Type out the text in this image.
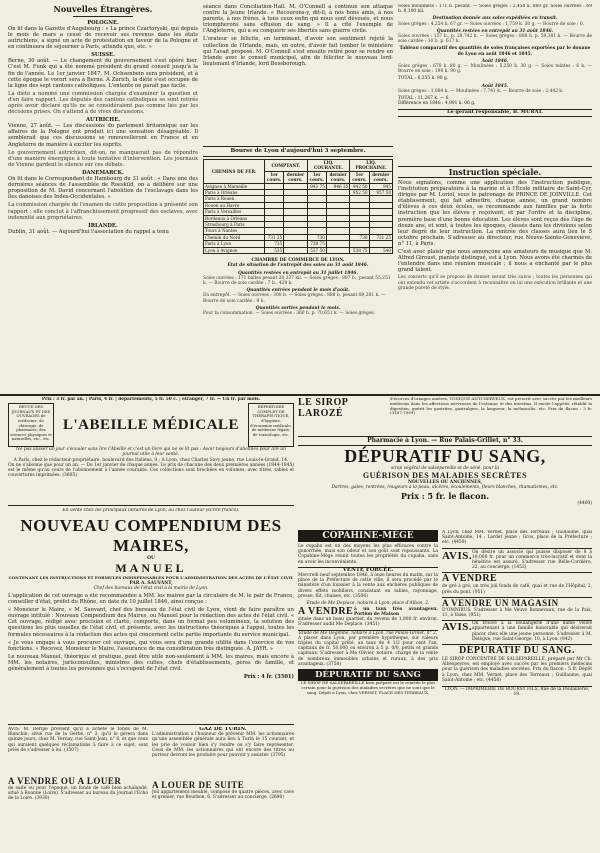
Nouvelles Étrangères.
POLOGNE.

On lit dans la Gazette d'Augsbourg : « La prince Czartoryski, qui depuis le mois de mars a cessé de recevoir ses revenus dans les états autrichiens, a signé un acte de protestation en faveur de la Pologne et en continuera de séjourner à Paris, attendu que, etc. »

SUISSE.

Berne, 30 août. — Le changement du gouvernement s'est opéré hier. C'est M. Funk qui a été nommé président du grand conseil jusqu'à la fin de l'année. Le 1er janvier 1847, M. Ochsenbein sera président, et à cette époque le vorort sera à Berne. A Zurich, la diète s'est occupée de la ligne des sept cantons catholiques. L'entente ne paraît pas facile.

La diète a nommé une commission chargée d'examiner la question et d'en faire rapport. Les députés des cantons catholiques se sont retirés après avoir déclaré qu'ils ne se considéraient pas comme liés par les décisions prises. On s'attend à de vives discussions.

AUTRICHE.

Vienne, 27 août. — Les discussions du parlement britannique sur les affaires de la Pologne ont produit ici une sensation désagréable. Il semblerait que ces discussions se renouvelleront en France et en Angleterre de manière à exciter les esprits.

Le gouvernement autrichien, dit-on, ne manquerait pas de répondre d'une manière énergique à toute tentative d'intervention. Les journaux de Vienne gardent le silence sur ces débats.

DANEMARCK.

On lit dans le Correspondant de Hambourg du 31 août : « Dans une des dernières séances de l'assemblée de Roeskild, on a délibéré sur une proposition de M. David concernant l'abolition de l'esclavage dans les îles danoises des Indes-Occidentales. »

La commission chargée de l'examen de cette proposition a présenté son rapport ; elle conclut à l'affranchissement progressif des esclaves, avec indemnité aux propriétaires.

IRLANDE.

Dublin, 31 août. — Aujourd'hui l'association du rappel a tenu

séance dans Conciliation-Hall. M. O'Connell a continué son attaque contre la Jeune Irlande. « Recourons-y, dit-il, à nos bons amis, à nos parents, à nos frères, à tous ceux enfin qui nous sont dévoués, et nous triompherons sans effusion de sang. » Il a cité l'exemple de l'Angleterre, qui a su conquérir ses libertés sans guerre civile.

L'orateur se félicite, en terminant, d'avoir son sentiment rejeté la collection de l'Irlande, mais, en outre, d'avoir fait tomber le ministère qui l'avait proposé. M. O'Connell s'est ensuite retiré pour se rendre en Irlande avec le conseil municipal, afin de féliciter le nouveau lord-lieutenant d'Irlande, lord Bessborough.

Bourse de Lyon d'aujourd'hui 3 septembre.
CHEMINS DE FER.	COMPTANT.		LIQ. COURANTE.		LIQ. PROCHAINE.	
	1er cours.	dernier cours.	1er cours.	dernier cours.	1er cours.	dernier cours.
Avignon à Marseille			943 75	946 25	942 50	945
Paris à Orléans					952 50	957 50
Paris à Rouen						
Rouen au Havre						
Paris à Versailles						
Bordeaux à Orléans						
Strasbourg à Paris						
Tours à Nantes						
Chemin du Nord	731 25		730		730	731 25
Paris à Lyon	735		738 75			
Lyon à Avignon	535		537 50		538 75	540
CHAMBRE DE COMMERCE DE LYON.
État de situation de l'entrepôt des soies au 31 août 1846.
Quantités restées en entrepôt au 31 juillet 1846.
Soies ouvrées : 171 balles pesant 28,337 kil. — Soies grèges : 887 b., pesant 55,251 k. — Bourre de soie cardée : 7 b., 429 k.
Quantités entrées pendant le mois d'août.
En entrepôt. — Soies ouvrées : 300 b. — Soies grèges : 888 b. pesant 89,281 k. — Bourre de soie cardée : 9 b.
Quantités sorties pendant le mois.
Pour la consommation. — Soies ouvrées : 360 b. p. 70,651 k. — Soies grèges.

Soies mouliness : 171 b. pesant. — Soies grèges : 2,458 k. 880 gr. Soies ouvrées : 69 b. 8,100 kil.

Destination donnée aux soies expédiées en transit.

Soies grèges : 4,254 k. 67 gr. — Soies ouvrées : 1,759 k. 30 g. — Bourre de soie : 0.

Quantités restées en entrepôt au 31 août 1846.

Soies ouvrées : 157 b., p. 28,742 k. — Soies grèges : 888 b. p. 59,381 k. — Bourre de soie cardée : 10 b. p. 617 k.

Tableau comparatif des quantités de soies françaises exportées par le douane de Lyon en août 1846 et 1845.
Août 1846.

Soies grèges : 678 k. 80 g. — Moulinées : 5,250 k. 30 g. — Soies teintes : 6 k. — Bourre en soie : 190 k. 90 g.

TOTAL : 6,255 k. 90 g.
Août 1845.

Soies grèges : 1,084 k. — Moulinées : 7,741 k. — Bourre de soie : 2,442 k.

TOTAL : 11,267 k. — 6.
Différence en 1846 : 4,991 k. 06 g.
Le gérant responsable, B. MURAT.
Instruction spéciale.

Nous signalons, comme une application des l'instruction publique, l'institution préparatoire à la marine et à l'École militaire de Saint-Cyr, dirigée par M. Loriol, sous le patronage de PRINCE DE JOINVILLE. Cet établissement, qui fait admettre, chaque année, un grand nombre d'élèves à ces deux écoles, se recommande aux familles par la forte instruction que les élèves y reçoivent, et par l'ordre et la discipline, première base d'une bonne éducation. Les élèves sont reçus dès l'âge de douze ans, et sont, à toutes les époques, classés dans les divisions selon leur degré de leur instruction. La rentrée des classes aura lieu le 5 octobre prochain. S'adresser au directeur, rue Neuve-Sainte-Geneviève, n° 11, à Paris.

C'est avec plaisir que nous annonçons aux amateurs de musique que M. Alfred Giroust, pianiste distingué, est à Lyon. Nous avons été charmés de l'entendre dans une réunion musicale ; il nous a enchanté par le plus grand talent.

Les concerts qu'il se propose de donner seront très suivis ; toutes les personnes qui ont entendu cet artiste s'accordent à reconnaître en lui une exécution brillante et une grande pureté de style.

Prix : 3 fr. par an. | Paris, 4 fr. | départements, 5 fr. 50 c. ; étranger, 7 fr. — Un fr. par mois.
REVUE DES JOURNAUX ET DES OUVRAGES de médecine, de chirurgie, de pharmacie, des sciences physiques et naturelles, etc., etc.
L'ABEILLE MÉDICALE
RÉPERTOIRE COMPLET DE THÉRAPEUTIQUE, d'hygiène, d'économie médicale, de médecine légale, de toxicologie, etc.
Ne pas laisser un jour s'écouler sans lire l'Abeille et c'est un livre qui ne se lit pas : Avoir toujours d'abonnés pour lire un journal utile à leur santé.
A Paris, chez le rédacteur-propriétaire, boulevard des Italiens, 9 ; A Lyon, chez Charles Savy jeune, rue Louis-le-Grand, 14.
On ne s'abonne que pour un an. — Du 1er janvier de chaque année. Le prix de chacune des deux premières années (1844-1845) est le même qu'au cours de l'abonnement à l'année courante. Ces collections sont brochées en volumes, avec titres, tables et couvertures imprimées. (3605)
LE SIROP LAROZÉ
d'écorces d'oranges amères, TONIQUE-ANTI-NERVEUX, est prescrit avec succès par les meilleurs médecins dans les affections nerveuses de l'estomac et des intestins. Il excite l'appétit, rétablit la digestion, guérit les gastrites, gastralgies, la langueur, la mélancolie, etc. Prix du flacon : 3 fr. (3187-7999)
Pharmacie à Lyon. — Rue Palais-Grillet, n° 33.
DÉPURATIF DU SANG,
sirop végétal de salsepareille et de séné, pour la
GUÉRISON DES MALADIES SECRÈTES
NOUVELLES OU ANCIENNES,
Dartres, gales, rentrées, rougeurs à la peau, ulcères, écoulements, fleurs blanches, rhumatismes, etc.
Prix : 5 fr. le flacon.
(4460)
En vente chez les principaux libraires de Lyon, au chez l'auteur (écrire franco).
NOUVEAU COMPENDIUM DES MAIRES,
OU
MANUEL
CONTENANT LES INSTRUCTIONS ET FORMULES INDISPENSABLES POUR L'ADMINISTRATION DES ACTES DE L'ÉTAT CIVIL
PAR A. SAUVANT,
Chef des bureaux de l'état civil à la mairie de Lyon.

L'application de cet ouvrage a été recommandée à MM. les maires par la circulaire de M. le pair de France, conseiller d'état, préfet du Rhône, en date du 10 juillet 1846, ainsi conçue :

« Monsieur le Maire, « M. Sauvant, chef des bureaux de l'état civil de Lyon, vient de faire paraître un ouvrage intitulé : Nouveau Compendium des Maires, ou Manuel pour la rédaction des actes de l'état civil. « Cet ouvrage, rédigé avec précision et clarté, comporte, dans un format peu volumineux, la solution des questions les plus usuelles de l'état civil, et présente, avec les instructions théoriques à l'appui, toutes les formules nécessaires à la rédaction des actes qui concernent cette partie importante du service municipal.

« Je vous engage à vous procurer cet ouvrage, qui vous sera d'une grande utilité dans l'exercice de vos fonctions. « Recevez, Monsieur le Maire, l'assurance de ma considération très distinguée. A. JAYR. »

Le nouveau Manuel, théorique et pratique, peut être utile non-seulement à MM. les maires, mais encore à MM. les notaires, jurisconsultes, ministres des cultes, chefs d'établissements, pères de famille, et généralement à toutes les personnes qui s'occupent de l'état civil.

Prix : 4 fr. (3501)

AVIS. M. Deripe prévient qu'il a acheté le fonds de M. Blanchin, situé rue de la Gerbe, n° 3, qu'il le gérera dans quinze jours, chez M. Vernay, rue Saint-Jean, n° 6, et que ceux qui auraient quelques réclamations à faire à ce sujet, sont priés de s'adresser à lui. (1507)

GAZ DE TURIN.

L'administration a l'honneur de prévenir MM. les actionnaires qu'une assemblée générale aura lieu à Turin le 15 courant, et les prie de vouloir bien s'y rendre ou s'y faire représenter. Ceux de MM. les actionnaires qui ont encore des titres au porteur devront les produire pour pouvoir y assister. (3795)

A VENDRE OU A LOUER

de suite ou pour l'époque, un fonds de café bien achalandé, situé à Roanne (Loire). S'adresser au bureau du journal l'Écho de la Loire. (3930)

A LOUER DE SUITE

Joli appartement meublé, composé de quatre pièces, avec cave et grenier, rue Bourbon, 6. S'adresser au concierge. (2690)

COPAHINE-MÈGE

Le copahu est un des moyens les plus efficaces contre la gonorrhée, mais son odeur et son goût sont repoussants. La Copahine-Mège réunit toutes les propriétés du copahu, sans en avoir les inconvénients.

VENTE FORCÉE.

Mercredi neuf septembre 1846, à onze heures du matin, sur la place de la Préfecture de cette ville, il sera procédé par le ministère d'un huissier à la vente aux enchères publiques de divers effets mobiliers, consistant en tables, rayonnage, presse, fût, chaises, etc. (3506)

Étude de Me Deplace, notaire à Lyon, place d'Albon, 2.
A VENDRE à un taux très avantageux. Portion de Maison

située dans un beau quartier, du revenu de 1,800 fr. environ. S'adresser audit Me Deplace. (3451)

Étude de Me Dégimbe, notaire à Lyon, rue Palais-Grillet, n° 2.

A placer dans Lyon, par première hypothèque, sur valeurs triples du capital prêté, au taux de 4 1/2 pour cent l'an, capitaux de fr. 50,000 ou environ à 5 p. 0/0, petits et grands capitaux. S'adresser à Me Olivier, notaire, chargé de la vente de nombreux immeubles urbains et ruraux, à des prix avantageux. (3758)

DÉPURATIF DU SANG

LE SIROP DE SALSEPAREILLE bien préparé est le remède le plus certain pour la guérison des maladies secrètes que ne sont que le sang. Dépôt à Lyon, chez VERNET, PLACE DES TERREAUX.

A Lyon, chez MM. Vernet, place des Terreaux ; Guillaume, quai Saint-Antoine, 14 ; Lardet jeune ; Gros, place de la Préfecture ; etc. (4459)

AVIS. On désire un associé qui puisse disposer de 8 à 10,000 fr. pour un commerce très-lucratif et dont la bénéfice est assuré. S'adresser rue Belle-Cordière, 22, au concierge. (1452)
A VENDRE
de gré à gré, un très joli fonds de café, quai et rue de l'Hôpital, 2, près du pont. (951)
A VENDRE UN MAGASIN
D'OMNIBUS. S'adresser à Me Veuve Bonnevaux, rue de la Paix, 11, à Vaise. (951)
AVIS. On trouve à la boulangerie d'une dame veuve appartenant à une famille honorable qui désirerait placer chez elle une jeune personne. S'adresser à M. Delègue, rue Saint-George, 10, à Lyon. (942)
DÉPURATIF DU SANG.
LE SIROP CONCENTRÉ DE SALSEPAREILLE, préparé par Mr Ch. Albespeyres, est employé avec succès par les premiers médecins pour la guérison des maladies secrètes. Prix du flacon : 5 fr. Dépôt à Lyon, chez MM. Vernet, place des Terreaux ; Guillaume, quai Saint-Antoine ; etc. (4458)
LYON. — IMPRIMERIE DE BOURSY FILS, Rue de la Poulaillerie, 19.
